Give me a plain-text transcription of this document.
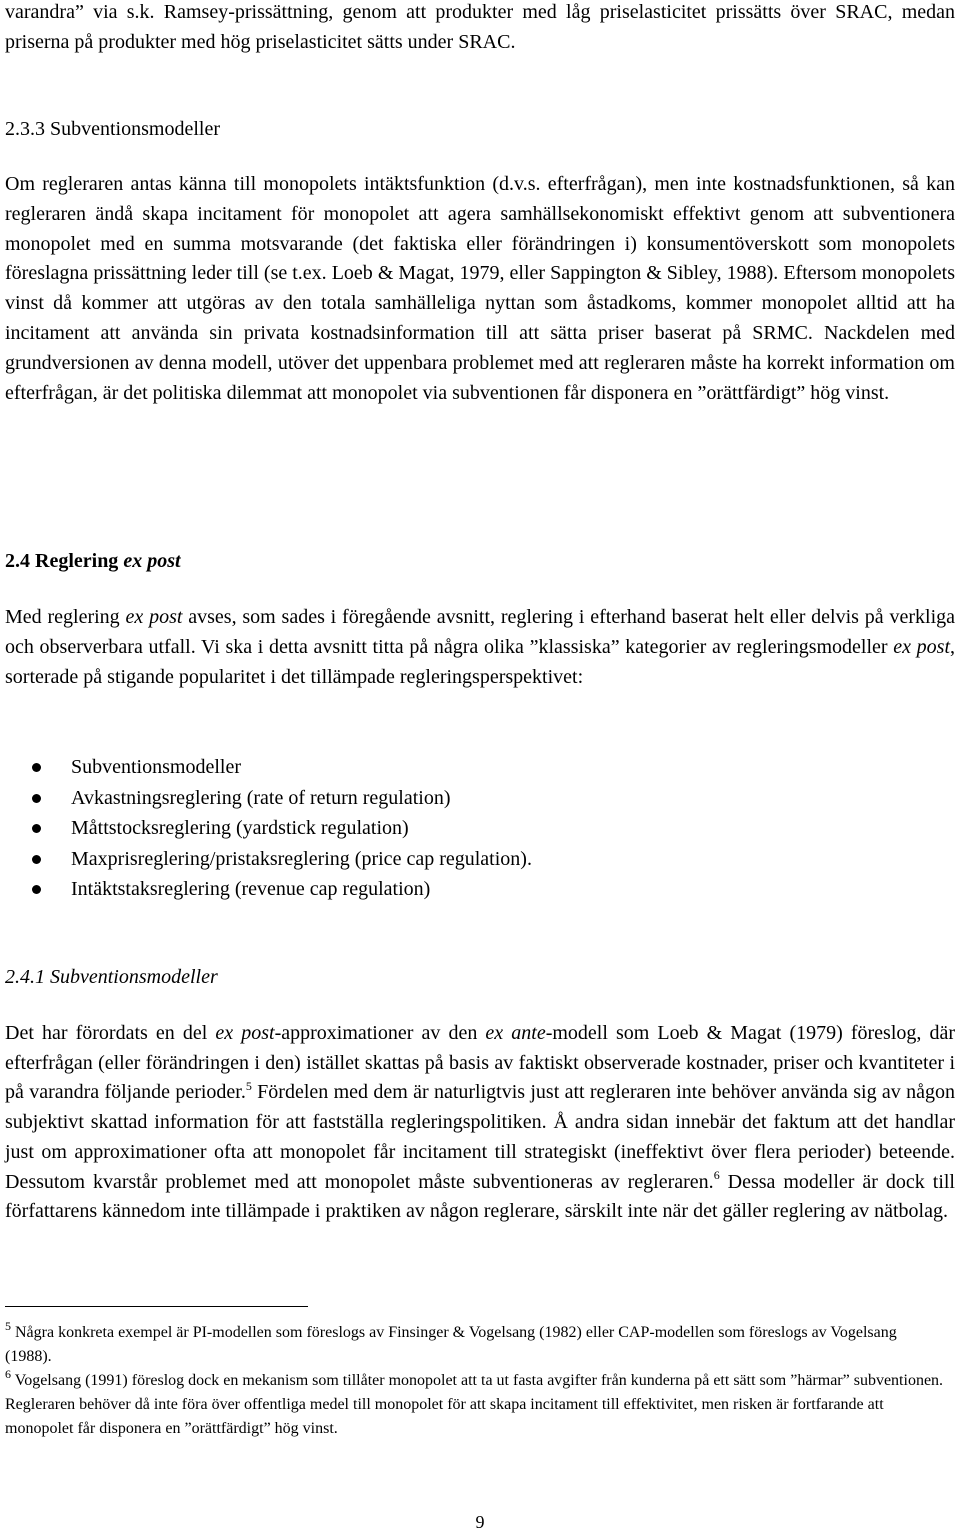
varandra” via s.k. Ramsey-prissättning, genom att produkter med låg priselasticitet prissätts över SRAC, medan priserna på produkter med hög priselasticitet sätts under SRAC.

2.3.3 Subventionsmodeller

Om regleraren antas känna till monopolets intäktsfunktion (d.v.s. efterfrågan), men inte kostnadsfunktionen, så kan regleraren ändå skapa incitament för monopolet att agera samhällsekonomiskt effektivt genom att subventionera monopolet med en summa motsvarande (det faktiska eller förändringen i) konsumentöverskott som monopolets föreslagna prissättning leder till (se t.ex. Loeb & Magat, 1979, eller Sappington & Sibley, 1988). Eftersom monopolets vinst då kommer att utgöras av den totala samhälleliga nyttan som åstadkoms, kommer monopolet alltid att ha incitament att använda sin privata kostnadsinformation till att sätta priser baserat på SRMC. Nackdelen med grundversionen av denna modell, utöver det uppenbara problemet med att regleraren måste ha korrekt information om efterfrågan, är det politiska dilemmat att monopolet via subventionen får disponera en ”orättfärdigt” hög vinst.

2.4 Reglering ex post

Med reglering ex post avses, som sades i föregående avsnitt, reglering i efterhand baserat helt eller delvis på verkliga och observerbara utfall. Vi ska i detta avsnitt titta på några olika ”klassiska” kategorier av regleringsmodeller ex post, sorterade på stigande popularitet i det tillämpade regleringsperspektivet:

Subventionsmodeller
Avkastningsreglering (rate of return regulation)
Måttstocksreglering (yardstick regulation)
Maxprisreglering/pristaksreglering (price cap regulation).
Intäktstaksreglering (revenue cap regulation)
2.4.1 Subventionsmodeller

Det har förordats en del ex post-approximationer av den ex ante-modell som Loeb & Magat (1979) föreslog, där efterfrågan (eller förändringen i den) istället skattas på basis av faktiskt observerade kostnader, priser och kvantiteter i på varandra följande perioder.$^5$ Fördelen med dem är naturligtvis just att regleraren inte behöver använda sig av någon subjektivt skattad information för att fastställa regleringspolitiken. Å andra sidan innebär det faktum att det handlar just om approximationer ofta att monopolet får incitament till strategiskt (ineffektivt över flera perioder) beteende. Dessutom kvarstår problemet med att monopolet måste subventioneras av regleraren.$^6$ Dessa modeller är dock till författarens kännedom inte tillämpade i praktiken av någon reglerare, särskilt inte när det gäller reglering av nätbolag.

$^5$ Några konkreta exempel är PI-modellen som föreslogs av Finsinger & Vogelsang (1982) eller CAP-modellen som föreslogs av Vogelsang (1988).

$^6$ Vogelsang (1991) föreslog dock en mekanism som tillåter monopolet att ta ut fasta avgifter från kunderna på ett sätt som ”härmar” subventionen. Regleraren behöver då inte föra över offentliga medel till monopolet för att skapa incitament till effektivitet, men risken är fortfarande att monopolet får disponera en ”orättfärdigt” hög vinst.

9
